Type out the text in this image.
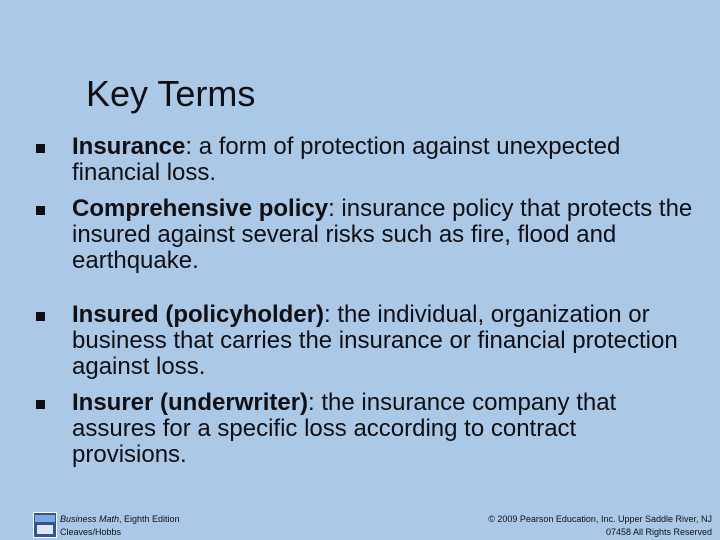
Key Terms
Insurance: a form of protection against unexpected financial loss.
Comprehensive policy: insurance policy that protects the insured against several risks such as fire, flood and earthquake.
Insured (policyholder): the individual, organization or business that carries the insurance or financial protection against loss.
Insurer (underwriter): the insurance company that assures for a specific loss according to contract provisions.
Business Math, Eighth Edition
Cleaves/Hobbs
© 2009 Pearson Education, Inc. Upper Saddle River, NJ
07458 All Rights Reserved
